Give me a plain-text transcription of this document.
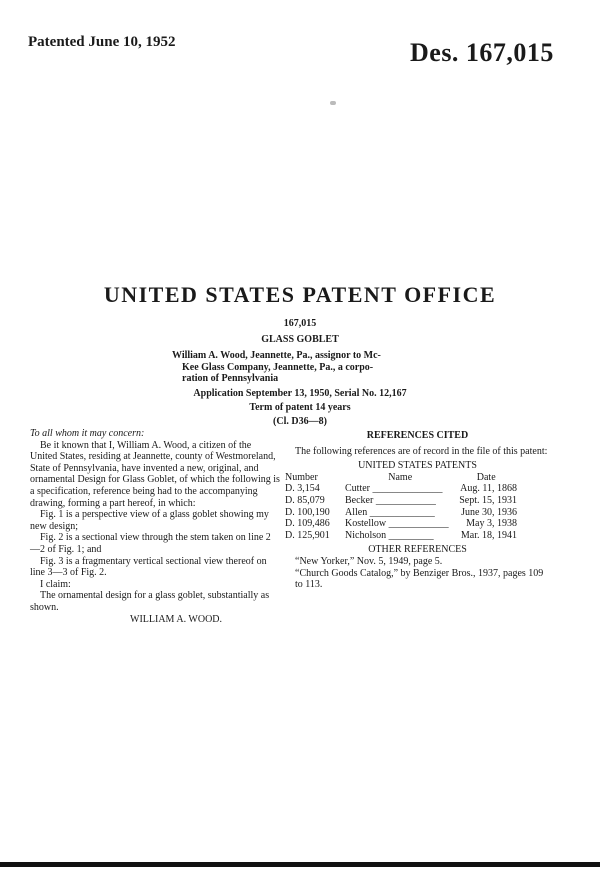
Patented June 10, 1952	Des. 167,015
UNITED STATES PATENT OFFICE
167,015
GLASS GOBLET
William A. Wood, Jeannette, Pa., assignor to Mc-
Kee Glass Company, Jeannette, Pa., a corpo-
ration of Pennsylvania
Application September 13, 1950, Serial No. 12,167
Term of patent 14 years
(Cl. D36—8)
To all whom it may concern:
Be it known that I, William A. Wood, a citizen of the United States, residing at Jeannette, county of Westmoreland, State of Pennsylvania, have invented a new, original, and ornamental Design for Glass Goblet, of which the following is a specification, reference being had to the accompanying drawing, forming a part hereof, in which:
Fig. 1 is a perspective view of a glass goblet showing my new design;
Fig. 2 is a sectional view through the stem taken on line 2—2 of Fig. 1; and
Fig. 3 is a fragmentary vertical sectional view thereof on line 3—3 of Fig. 2.
I claim:
The ornamental design for a glass goblet, substantially as shown.
WILLIAM A. WOOD.
REFERENCES CITED
The following references are of record in the file of this patent:
UNITED STATES PATENTS
Number	Name	Date
D. 3,154	Cutter ______________	Aug. 11, 1868
D. 85,079	Becker ____________	Sept. 15, 1931
D. 100,190	Allen _____________	June 30, 1936
D. 109,486	Kostellow ____________	May 3, 1938
D. 125,901	Nicholson _________	Mar. 18, 1941
OTHER REFERENCES
“New Yorker,” Nov. 5, 1949, page 5.
“Church Goods Catalog,” by Benziger Bros., 1937, pages 109 to 113.
